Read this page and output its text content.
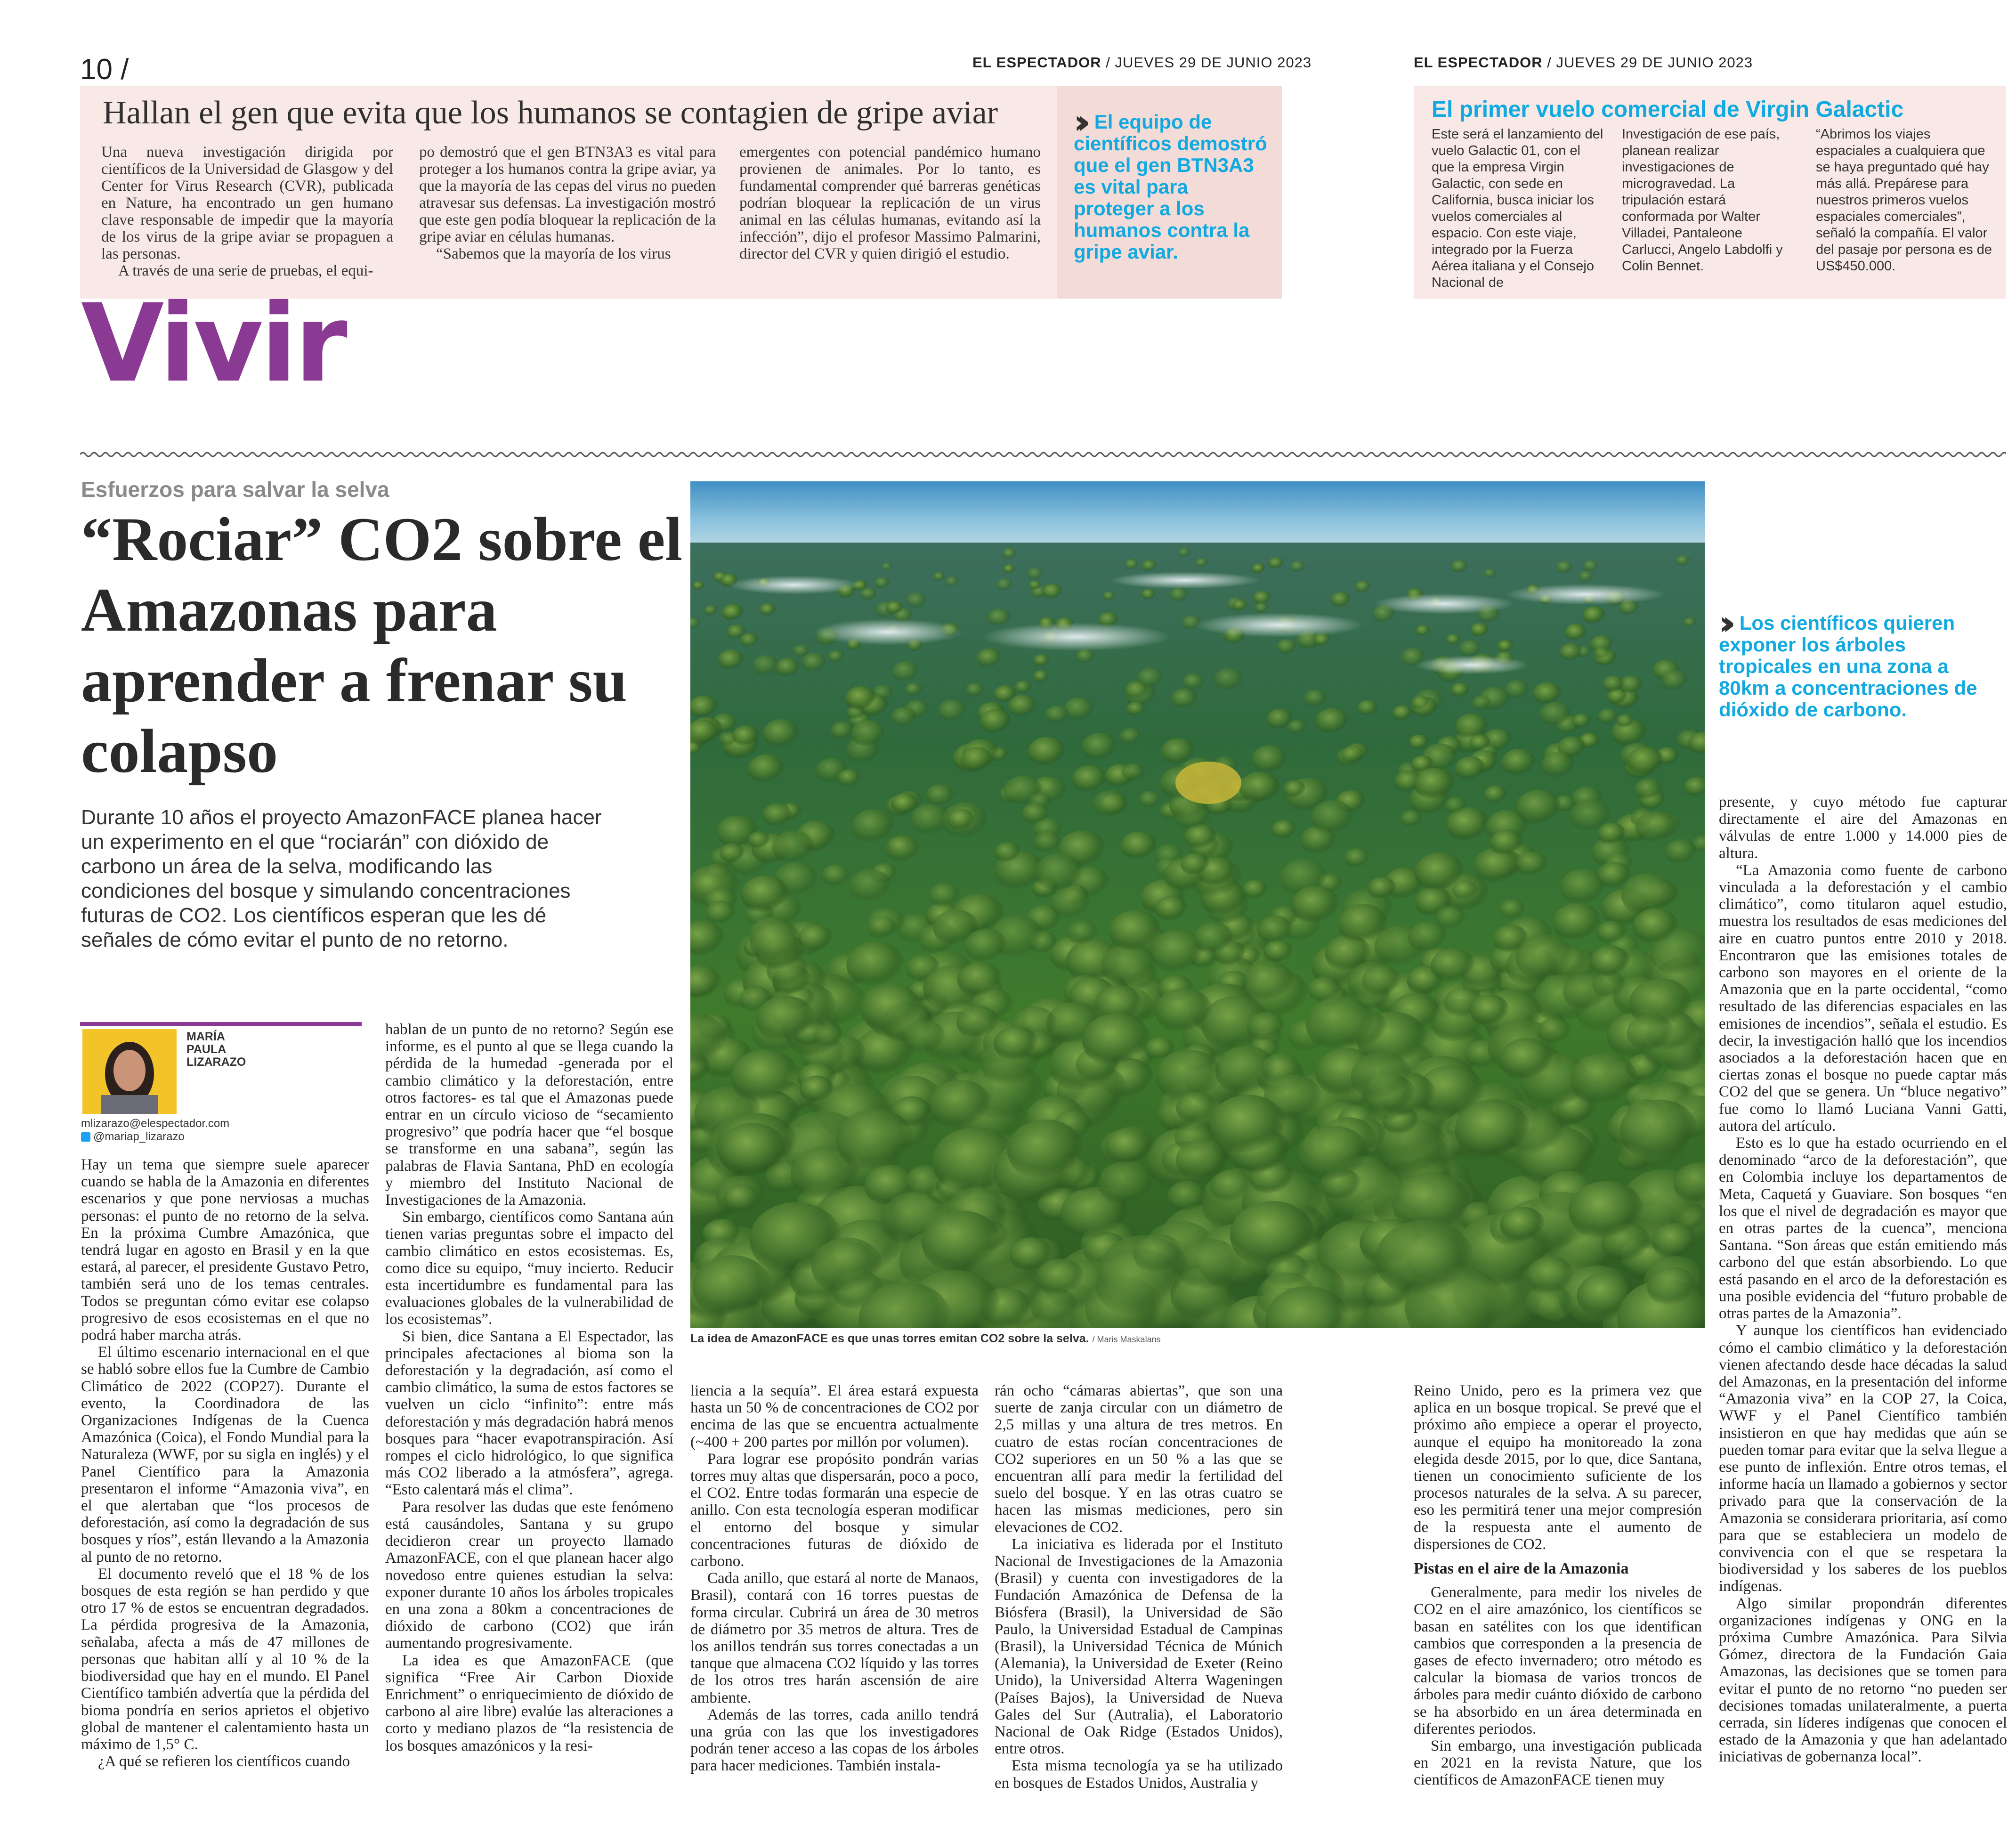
10 /	EL ESPECTADOR / JUEVES 29 DE JUNIO 2023	EL ESPECTADOR / JUEVES 29 DE JUNIO 2023
Hallan el gen que evita que los humanos se contagien de gripe aviar

Una nueva investigación dirigida por científicos de la Universidad de Glasgow y del Center for Virus Research (CVR), publicada en Nature, ha encontrado un gen humano clave responsable de impedir que la mayoría de los virus de la gripe aviar se propaguen a las personas.

A través de una serie de pruebas, el equi-

po demostró que el gen BTN3A3 es vital para proteger a los humanos contra la gripe aviar, ya que la mayoría de las cepas del virus no pueden atravesar sus defensas. La investigación mostró que este gen podía bloquear la replicación de la gripe aviar en células humanas.

“Sabemos que la mayoría de los virus

emergentes con potencial pandémico humano provienen de animales. Por lo tanto, es fundamental comprender qué barreras genéticas podrían bloquear la replicación de un virus animal en las células humanas, evitando así la infección”, dijo el profesor Massimo Palmarini, director del CVR y quien dirigió el estudio.

›› El equipo de científicos demostró que el gen BTN3A3 es vital para proteger a los humanos contra la gripe aviar.
El primer vuelo comercial de Virgin Galactic
Este será el lanzamiento del vuelo Galactic 01, con el que la empresa Virgin Galactic, con sede en California, busca iniciar los vuelos comerciales al espacio. Con este viaje, integrado por la Fuerza Aérea italiana y el Consejo Nacional de
Investigación de ese país, planean realizar investigaciones de microgravedad. La tripulación estará conformada por Walter Villadei, Pantaleone Carlucci, Angelo Labdolfi y Colin Bennet.
“Abrimos los viajes espaciales a cualquiera que se haya preguntado qué hay más allá. Prepárese para nuestros primeros vuelos espaciales comerciales”, señaló la compañía. El valor del pasaje por persona es de US$450.000.
Vivir
Esfuerzos para salvar la selva
“Rociar” CO2 sobre el Amazonas para aprender a frenar su colapso

Durante 10 años el proyecto AmazonFACE planea hacer un experimento en el que “rociarán” con dióxido de carbono un área de la selva, modificando las condiciones del bosque y simulando concentraciones futuras de CO2. Los científicos esperan que les dé señales de cómo evitar el punto de no retorno.

La idea de AmazonFACE es que unas torres emitan CO2 sobre la selva. / Maris Maskalans
›› Los científicos quieren exponer los árboles tropicales en una zona a 80km a concentraciones de dióxido de carbono.
MARÍA PAULA LIZARAZO
mlizarazo@elespectador.com
@mariap_lizarazo

Hay un tema que siempre suele aparecer cuando se habla de la Amazonia en diferentes escenarios y que pone nerviosas a muchas personas: el punto de no retorno de la selva. En la próxima Cumbre Amazónica, que tendrá lugar en agosto en Brasil y en la que estará, al parecer, el presidente Gustavo Petro, también será uno de los temas centrales. Todos se preguntan cómo evitar ese colapso progresivo de esos ecosistemas en el que no podrá haber marcha atrás.

El último escenario internacional en el que se habló sobre ellos fue la Cumbre de Cambio Climático de 2022 (COP27). Durante el evento, la Coordinadora de las Organizaciones Indígenas de la Cuenca Amazónica (Coica), el Fondo Mundial para la Naturaleza (WWF, por su sigla en inglés) y el Panel Científico para la Amazonia presentaron el informe “Amazonia viva”, en el que alertaban que “los procesos de deforestación, así como la degradación de sus bosques y ríos”, están llevando a la Amazonia al punto de no retorno.

El documento reveló que el 18 % de los bosques de esta región se han perdido y que otro 17 % de estos se encuentran degradados. La pérdida progresiva de la Amazonia, señalaba, afecta a más de 47 millones de personas que habitan allí y al 10 % de la biodiversidad que hay en el mundo. El Panel Científico también advertía que la pérdida del bioma pondría en serios aprietos el objetivo global de mantener el calentamiento hasta un máximo de 1,5° C.

¿A qué se refieren los científicos cuando

hablan de un punto de no retorno? Según ese informe, es el punto al que se llega cuando la pérdida de la humedad -generada por el cambio climático y la deforestación, entre otros factores- es tal que el Amazonas puede entrar en un círculo vicioso de “secamiento progresivo” que podría hacer que “el bosque se transforme en una sabana”, según las palabras de Flavia Santana, PhD en ecología y miembro del Instituto Nacional de Investigaciones de la Amazonia.

Sin embargo, científicos como Santana aún tienen varias preguntas sobre el impacto del cambio climático en estos ecosistemas. Es, como dice su equipo, “muy incierto. Reducir esta incertidumbre es fundamental para las evaluaciones globales de la vulnerabilidad de los ecosistemas”.

Si bien, dice Santana a El Espectador, las principales afectaciones al bioma son la deforestación y la degradación, así como el cambio climático, la suma de estos factores se vuelven un ciclo “infinito”: entre más deforestación y más degradación habrá menos bosques para “hacer evapotranspiración. Así rompes el ciclo hidrológico, lo que significa más CO2 liberado a la atmósfera”, agrega. “Esto calentará más el clima”.

Para resolver las dudas que este fenómeno está causándoles, Santana y su grupo decidieron crear un proyecto llamado AmazonFACE, con el que planean hacer algo novedoso entre quienes estudian la selva: exponer durante 10 años los árboles tropicales en una zona a 80km a concentraciones de dióxido de carbono (CO2) que irán aumentando progresivamente.

La idea es que AmazonFACE (que significa “Free Air Carbon Dioxide Enrichment” o enriquecimiento de dióxido de carbono al aire libre) evalúe las alteraciones a corto y mediano plazos de “la resistencia de los bosques amazónicos y la resi-

liencia a la sequía”. El área estará expuesta hasta un 50 % de concentraciones de CO2 por encima de las que se encuentra actualmente (~400 + 200 partes por millón por volumen).

Para lograr ese propósito pondrán varias torres muy altas que dispersarán, poco a poco, el CO2. Entre todas formarán una especie de anillo. Con esta tecnología esperan modificar el entorno del bosque y simular concentraciones futuras de dióxido de carbono.

Cada anillo, que estará al norte de Manaos, Brasil), contará con 16 torres puestas de forma circular. Cubrirá un área de 30 metros de diámetro por 35 metros de altura. Tres de los anillos tendrán sus torres conectadas a un tanque que almacena CO2 líquido y las torres de los otros tres harán ascensión de aire ambiente.

Además de las torres, cada anillo tendrá una grúa con las que los investigadores podrán tener acceso a las copas de los árboles para hacer mediciones. También instala-

rán ocho “cámaras abiertas”, que son una suerte de zanja circular con un diámetro de 2,5 millas y una altura de tres metros. En cuatro de estas rocían concentraciones de CO2 superiores en un 50 % a las que se encuentran allí para medir la fertilidad del suelo del bosque. Y en las otras cuatro se hacen las mismas mediciones, pero sin elevaciones de CO2.

La iniciativa es liderada por el Instituto Nacional de Investigaciones de la Amazonia (Brasil) y cuenta con investigadores de la Fundación Amazónica de Defensa de la Biósfera (Brasil), la Universidad de São Paulo, la Universidad Estadual de Campinas (Brasil), la Universidad Técnica de Múnich (Alemania), la Universidad de Exeter (Reino Unido), la Universidad Alterra Wageningen (Países Bajos), la Universidad de Nueva Gales del Sur (Autralia), el Laboratorio Nacional de Oak Ridge (Estados Unidos), entre otros.

Esta misma tecnología ya se ha utilizado en bosques de Estados Unidos, Australia y

Reino Unido, pero es la primera vez que aplica en un bosque tropical. Se prevé que el próximo año empiece a operar el proyecto, aunque el equipo ha monitoreado la zona elegida desde 2015, por lo que, dice Santana, tienen un conocimiento suficiente de los procesos naturales de la selva. A su parecer, eso les permitirá tener una mejor compresión de la respuesta ante el aumento de dispersiones de CO2.

Pistas en el aire de la Amazonia

Generalmente, para medir los niveles de CO2 en el aire amazónico, los científicos se basan en satélites con los que identifican cambios que corresponden a la presencia de gases de efecto invernadero; otro método es calcular la biomasa de varios troncos de árboles para medir cuánto dióxido de carbono se ha absorbido en un área determinada en diferentes periodos.

Sin embargo, una investigación publicada en 2021 en la revista Nature, que los científicos de AmazonFACE tienen muy

presente, y cuyo método fue capturar directamente el aire del Amazonas en válvulas de entre 1.000 y 14.000 pies de altura.

“La Amazonia como fuente de carbono vinculada a la deforestación y el cambio climático”, como titularon aquel estudio, muestra los resultados de esas mediciones del aire en cuatro puntos entre 2010 y 2018. Encontraron que las emisiones totales de carbono son mayores en el oriente de la Amazonia que en la parte occidental, “como resultado de las diferencias espaciales en las emisiones de incendios”, señala el estudio. Es decir, la investigación halló que los incendios asociados a la deforestación hacen que en ciertas zonas el bosque no puede captar más CO2 del que se genera. Un “bluce negativo” fue como lo llamó Luciana Vanni Gatti, autora del artículo.

Esto es lo que ha estado ocurriendo en el denominado “arco de la deforestación”, que en Colombia incluye los departamentos de Meta, Caquetá y Guaviare. Son bosques “en los que el nivel de degradación es mayor que en otras partes de la cuenca”, menciona Santana. “Son áreas que están emitiendo más carbono del que están absorbiendo. Lo que está pasando en el arco de la deforestación es una posible evidencia del “futuro probable de otras partes de la Amazonia”.

Y aunque los científicos han evidenciado cómo el cambio climático y la deforestación vienen afectando desde hace décadas la salud del Amazonas, en la presentación del informe “Amazonia viva” en la COP 27, la Coica, WWF y el Panel Científico también insistieron en que hay medidas que aún se pueden tomar para evitar que la selva llegue a ese punto de inflexión. Entre otros temas, el informe hacía un llamado a gobiernos y sector privado para que la conservación de la Amazonia se considerara prioritaria, así como para que se estableciera un modelo de convivencia con el que se respetara la biodiversidad y los saberes de los pueblos indígenas.

Algo similar propondrán diferentes organizaciones indígenas y ONG en la próxima Cumbre Amazónica. Para Silvia Gómez, directora de la Fundación Gaia Amazonas, las decisiones que se tomen para evitar el punto de no retorno “no pueden ser decisiones tomadas unilateralmente, a puerta cerrada, sin líderes indígenas que conocen el estado de la Amazonia y que han adelantado iniciativas de gobernanza local”.
